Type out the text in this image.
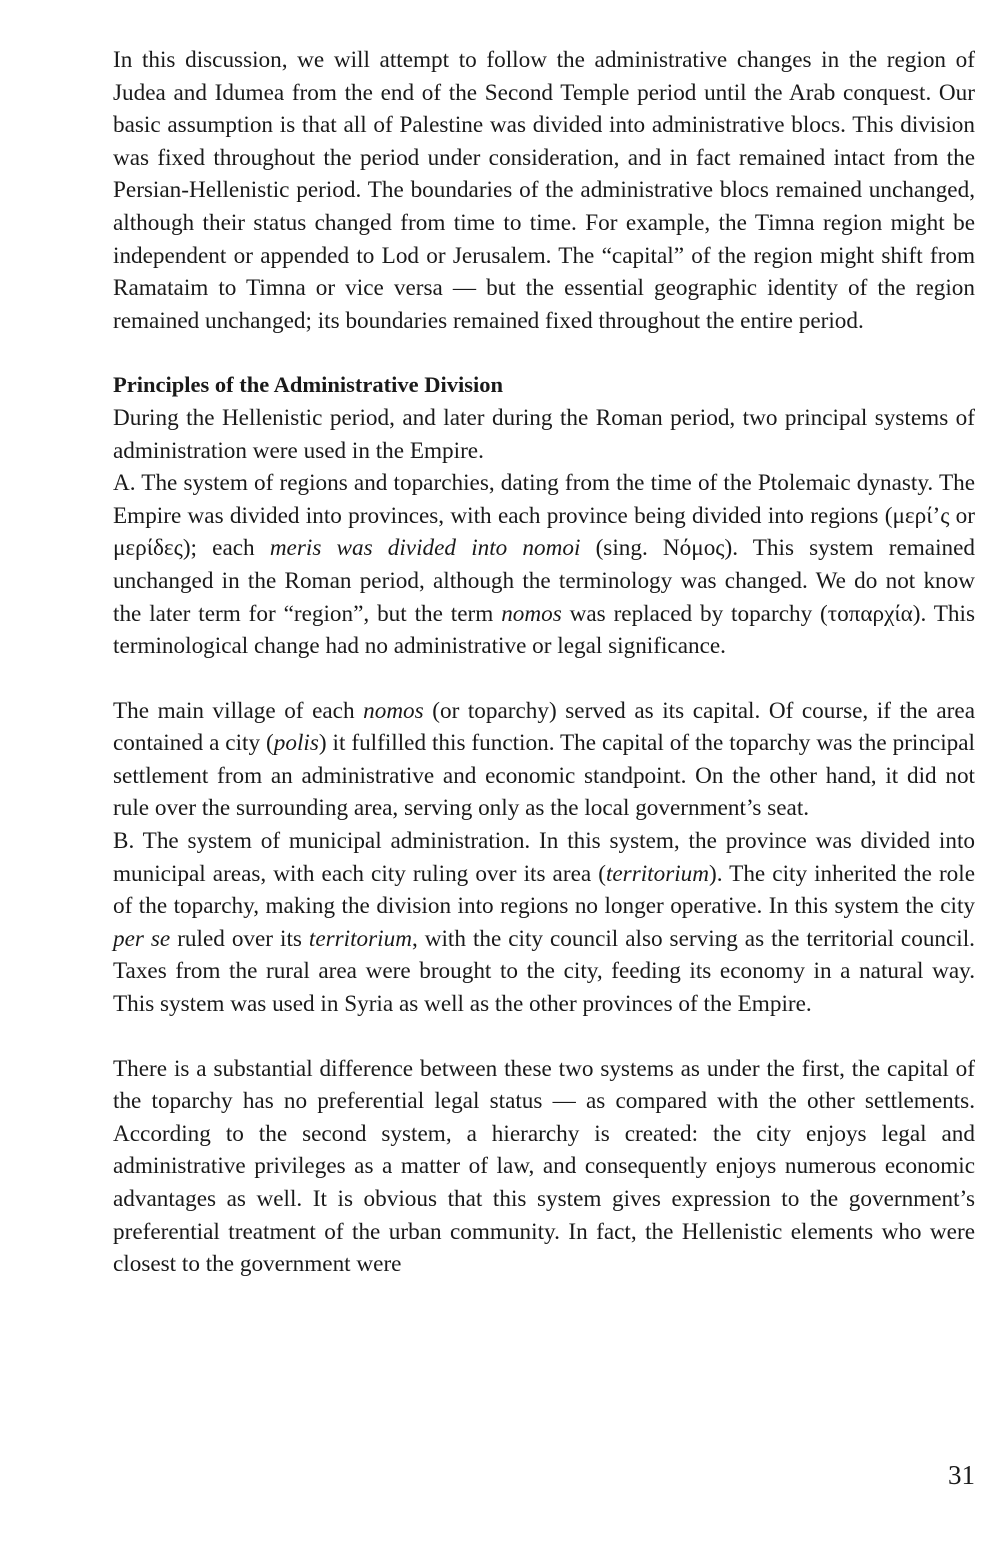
In this discussion, we will attempt to follow the administrative changes in the region of Judea and Idumea from the end of the Second Temple period until the Arab conquest. Our basic assumption is that all of Palestine was divided into administrative blocs. This division was fixed throughout the period under consideration, and in fact remained intact from the Persian-Hellenistic period. The boundaries of the administrative blocs remained unchanged, although their status changed from time to time. For example, the Timna region might be independent or appended to Lod or Jerusalem. The “capital” of the region might shift from Ramataim to Timna or vice versa — but the essential geographic identity of the region remained unchanged; its boundaries remained fixed throughout the entire period.

Principles of the Administrative Division

During the Hellenistic period, and later during the Roman period, two principal systems of administration were used in the Empire.

A. The system of regions and toparchies, dating from the time of the Ptolemaic dynasty. The Empire was divided into provinces, with each province being divided into regions (μερί’ς or μερίδες); each meris was divided into nomoi (sing. Νόμος). This system remained unchanged in the Roman period, although the terminology was changed. We do not know the later term for “region”, but the term nomos was replaced by toparchy (τοπαρχία). This terminological change had no administrative or legal significance.

The main village of each nomos (or toparchy) served as its capital. Of course, if the area contained a city (polis) it fulfilled this function. The capital of the toparchy was the principal settlement from an administrative and economic standpoint. On the other hand, it did not rule over the surrounding area, serving only as the local government’s seat.

B. The system of municipal administration. In this system, the province was divided into municipal areas, with each city ruling over its area (territorium). The city inherited the role of the toparchy, making the division into regions no longer operative. In this system the city per se ruled over its territorium, with the city council also serving as the territorial council. Taxes from the rural area were brought to the city, feeding its economy in a natural way. This system was used in Syria as well as the other provinces of the Empire.

There is a substantial difference between these two systems as under the first, the capital of the toparchy has no preferential legal status — as compared with the other settlements. According to the second system, a hierarchy is created: the city enjoys legal and administrative privileges as a matter of law, and consequently enjoys numerous economic advantages as well. It is obvious that this system gives expression to the government’s preferential treatment of the urban community. In fact, the Hellenistic elements who were closest to the government were

31
